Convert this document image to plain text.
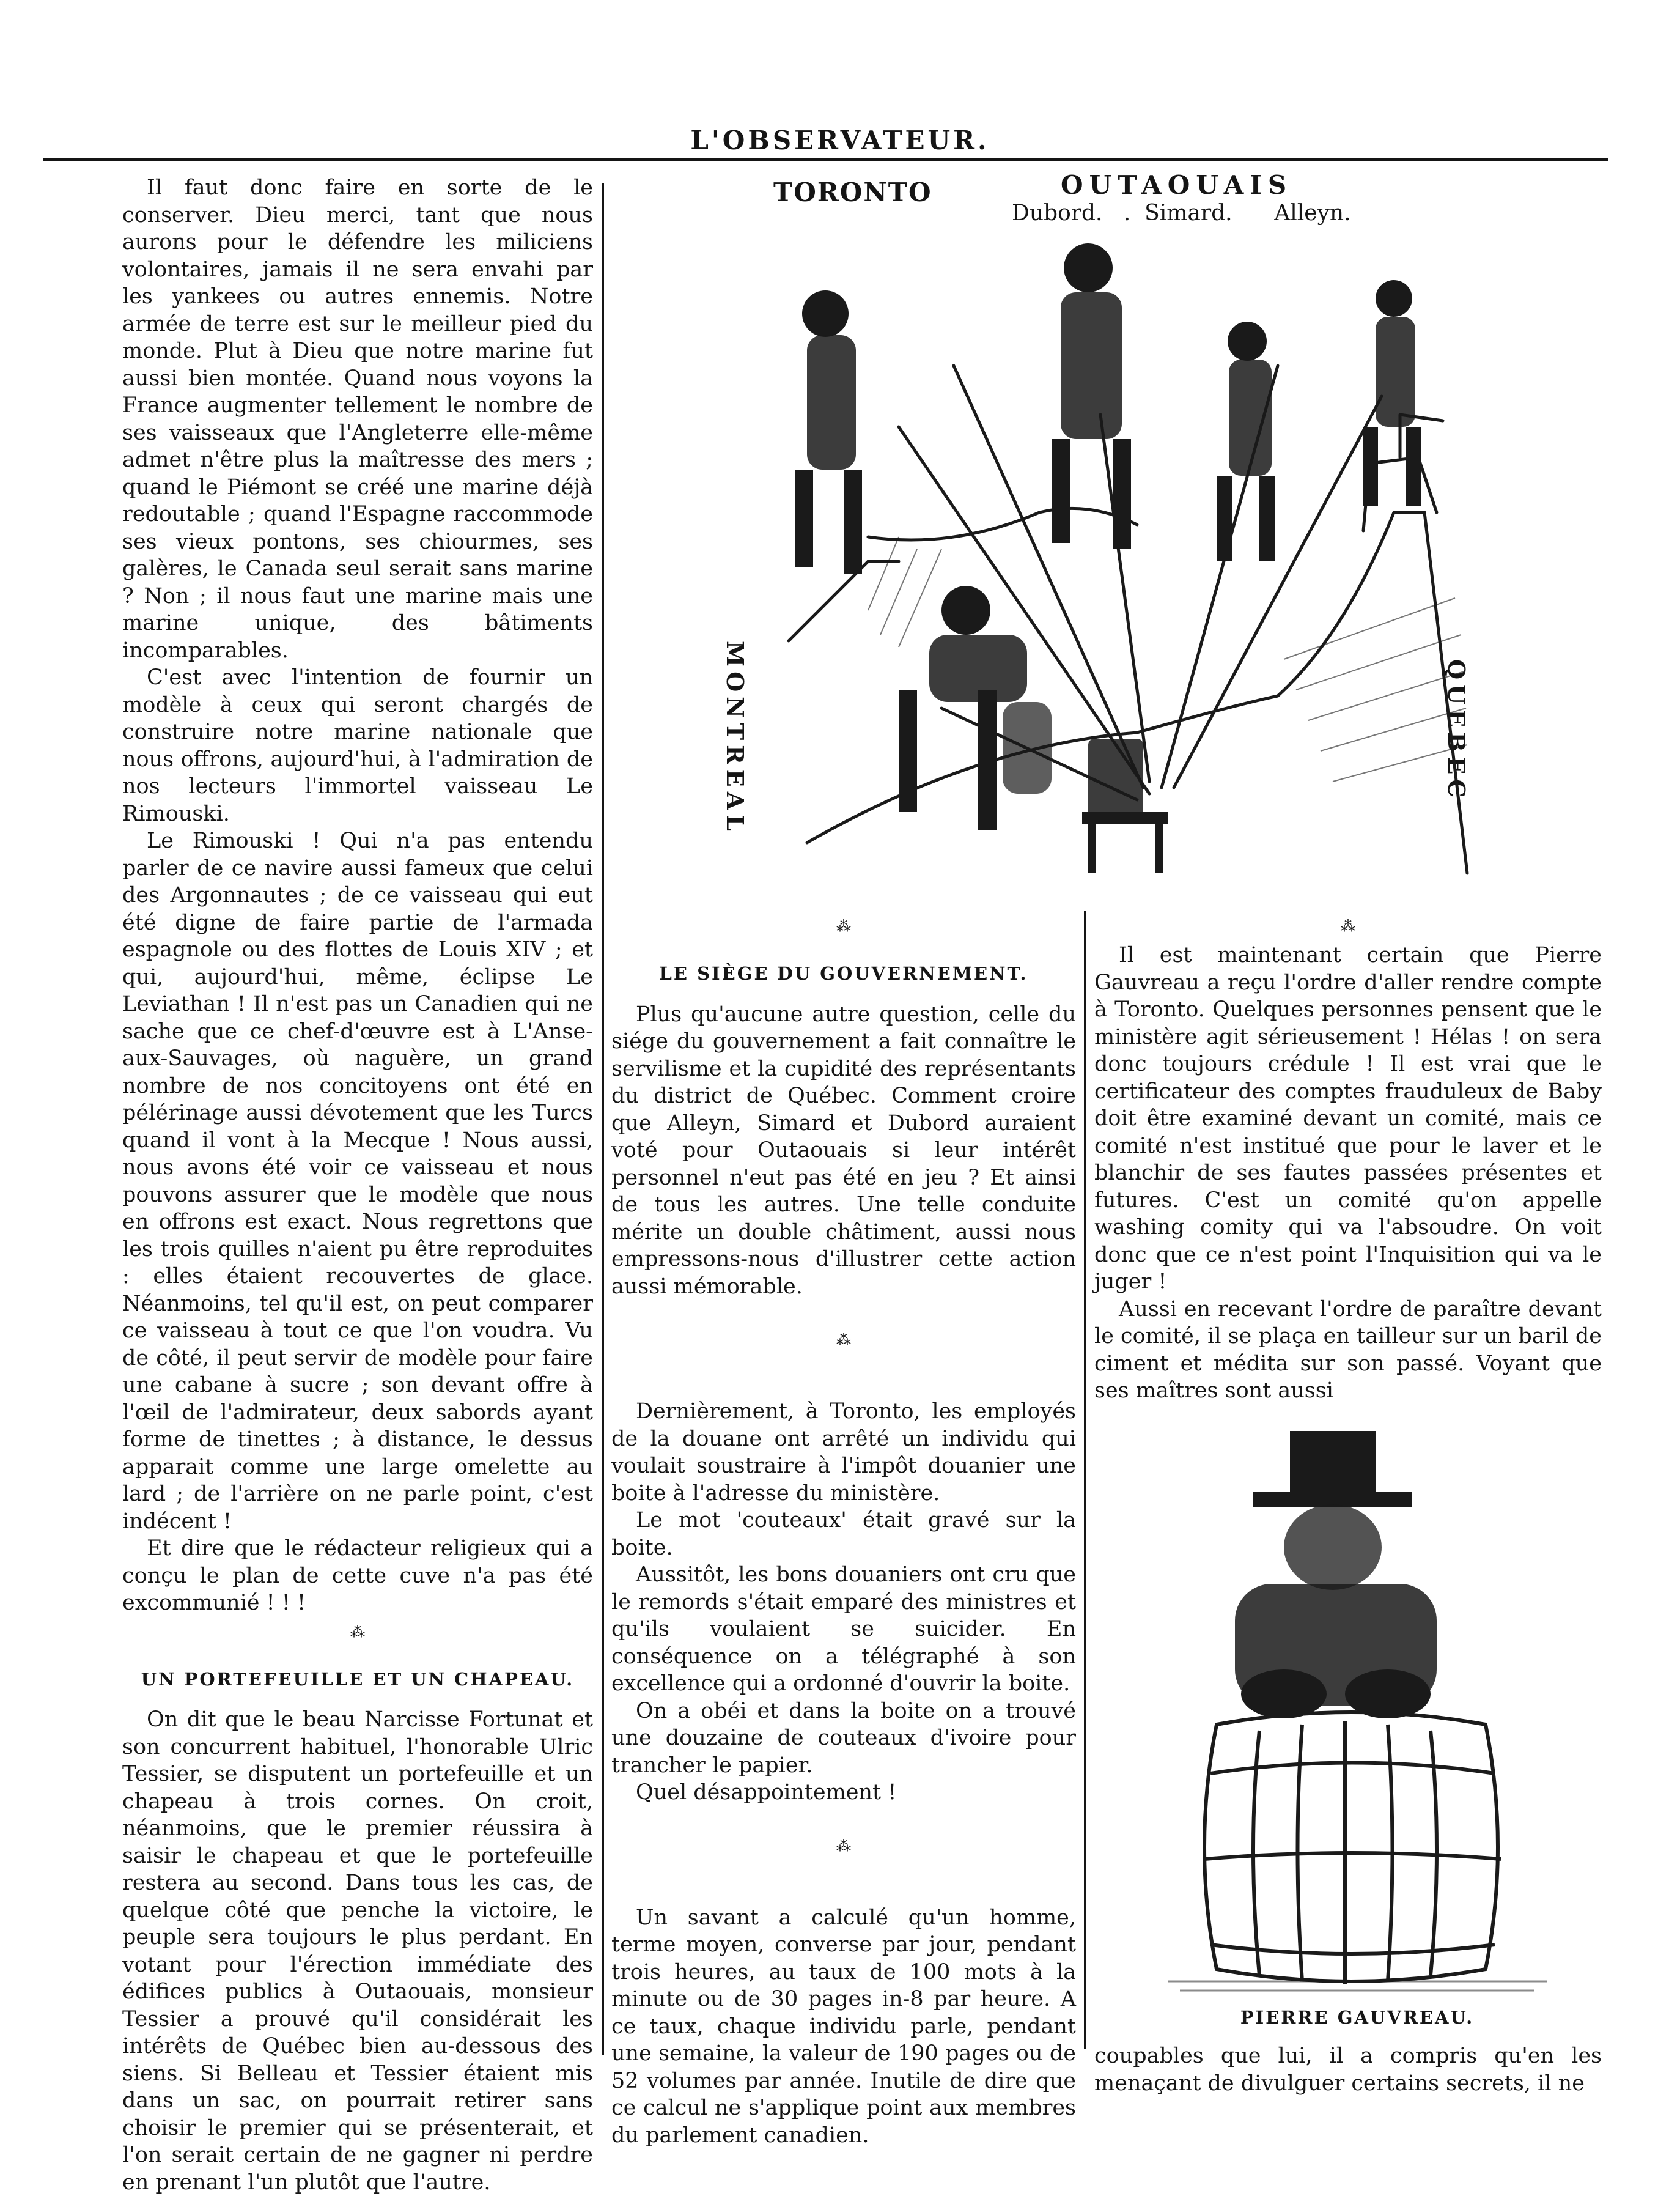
L'OBSERVATEUR.

Il faut donc faire en sorte de le conserver. Dieu merci, tant que nous aurons pour le défendre les miliciens volontaires, jamais il ne sera envahi par les yankees ou autres ennemis. Notre armée de terre est sur le meilleur pied du monde. Plut à Dieu que notre marine fut aussi bien montée. Quand nous voyons la France augmenter tellement le nombre de ses vaisseaux que l'Angleterre elle-même admet n'être plus la maîtresse des mers ; quand le Piémont se créé une marine déjà redoutable ; quand l'Espagne raccommode ses vieux pontons, ses chiourmes, ses galères, le Canada seul serait sans marine ? Non ; il nous faut une marine mais une marine unique, des bâtiments incomparables.

C'est avec l'intention de fournir un modèle à ceux qui seront chargés de construire notre marine nationale que nous offrons, aujourd'hui, à l'admiration de nos lecteurs l'immortel vaisseau Le Rimouski.

Le Rimouski ! Qui n'a pas entendu parler de ce navire aussi fameux que celui des Argonnautes ; de ce vaisseau qui eut été digne de faire partie de l'armada espagnole ou des flottes de Louis XIV ; et qui, aujourd'hui, même, éclipse Le Leviathan ! Il n'est pas un Canadien qui ne sache que ce chef-d'œuvre est à L'Anse-aux-Sauvages, où naguère, un grand nombre de nos concitoyens ont été en pélérinage aussi dévotement que les Turcs quand il vont à la Mecque ! Nous aussi, nous avons été voir ce vaisseau et nous pouvons assurer que le modèle que nous en offrons est exact. Nous regrettons que les trois quilles n'aient pu être reproduites : elles étaient recouvertes de glace. Néanmoins, tel qu'il est, on peut comparer ce vaisseau à tout ce que l'on voudra. Vu de côté, il peut servir de modèle pour faire une cabane à sucre ; son devant offre à l'œil de l'admirateur, deux sabords ayant forme de tinettes ; à distance, le dessus apparait comme une large omelette au lard ; de l'arrière on ne parle point, c'est indécent !

Et dire que le rédacteur religieux qui a conçu le plan de cette cuve n'a pas été excommunié ! ! !

⁂

UN PORTEFEUILLE ET UN CHAPEAU.

On dit que le beau Narcisse Fortunat et son concurrent habituel, l'honorable Ulric Tessier, se disputent un portefeuille et un chapeau à trois cornes. On croit, néanmoins, que le premier réussira à saisir le chapeau et que le portefeuille restera au second. Dans tous les cas, de quelque côté que penche la victoire, le peuple sera toujours le plus perdant. En votant pour l'érection immédiate des édifices publics à Outaouais, monsieur Tessier a prouvé qu'il considérait les intérêts de Québec bien au-dessous des siens. Si Belleau et Tessier étaient mis dans un sac, on pourrait retirer sans choisir le premier qui se présenterait, et l'on serait certain de ne gagner ni perdre en prenant l'un plutôt que l'autre.

TORONTO	OUTAOUAIS
Dubord.   .  Simard.      Alleyn.
MONTREAL	QUEBEC
⁂

LE SIÈGE DU GOUVERNEMENT.

Plus qu'aucune autre question, celle du siége du gouvernement a fait connaître le servilisme et la cupidité des représentants du district de Québec. Comment croire que Alleyn, Simard et Dubord auraient voté pour Outaouais si leur intérêt personnel n'eut pas été en jeu ? Et ainsi de tous les autres. Une telle conduite mérite un double châtiment, aussi nous empressons-nous d'illustrer cette action aussi mémorable.

⁂

Dernièrement, à Toronto, les employés de la douane ont arrêté un individu qui voulait soustraire à l'impôt douanier une boite à l'adresse du ministère.

Le mot 'couteaux' était gravé sur la boite.

Aussitôt, les bons douaniers ont cru que le remords s'était emparé des ministres et qu'ils voulaient se suicider. En conséquence on a télégraphé à son excellence qui a ordonné d'ouvrir la boite.

On a obéi et dans la boite on a trouvé une douzaine de couteaux d'ivoire pour trancher le papier.

Quel désappointement !

⁂

Un savant a calculé qu'un homme, terme moyen, converse par jour, pendant trois heures, au taux de 100 mots à la minute ou de 30 pages in-8 par heure. A ce taux, chaque individu parle, pendant une semaine, la valeur de 190 pages ou de 52 volumes par année. Inutile de dire que ce calcul ne s'applique point aux membres du parlement canadien.

⁂

Il est maintenant certain que Pierre Gauvreau a reçu l'ordre d'aller rendre compte à Toronto. Quelques personnes pensent que le ministère agit sérieusement ! Hélas ! on sera donc toujours crédule ! Il est vrai que le certificateur des comptes frauduleux de Baby doit être examiné devant un comité, mais ce comité n'est institué que pour le laver et le blanchir de ses fautes passées présentes et futures. C'est un comité qu'on appelle washing comity qui va l'absoudre. On voit donc que ce n'est point l'Inquisition qui va le juger !

Aussi en recevant l'ordre de paraître devant le comité, il se plaça en tailleur sur un baril de ciment et médita sur son passé. Voyant que ses maîtres sont aussi

PIERRE GAUVREAU.

coupables que lui, il a compris qu'en les menaçant de divulguer certains secrets, il ne
